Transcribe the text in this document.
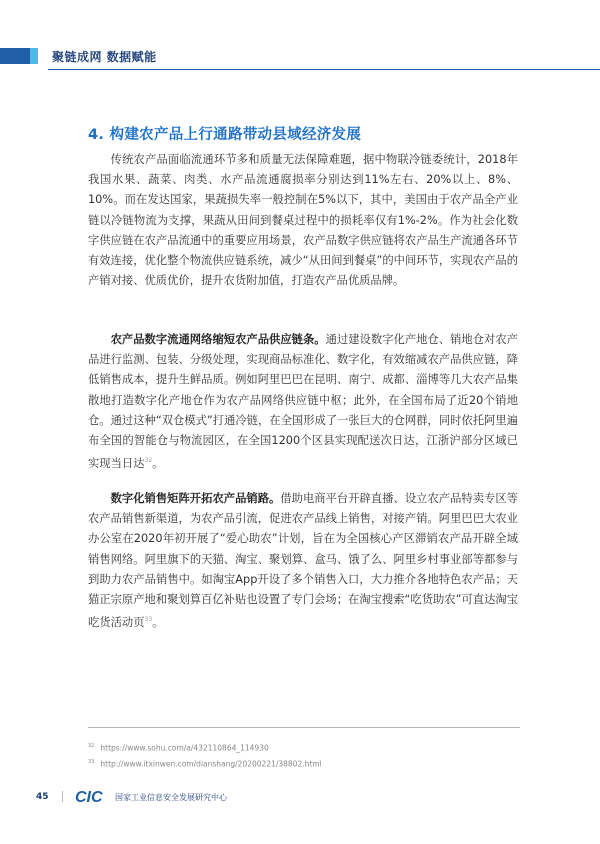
聚链成网 数据赋能
4. 构建农产品上行通路带动县域经济发展

传统农产品面临流通环节多和质量无法保障难题，据中物联冷链委统计，2018年我国水果、蔬菜、肉类、水产品流通腐损率分别达到11%左右、20%以上、8%、10%。而在发达国家，果蔬损失率一般控制在5%以下，其中，美国由于农产品全产业链以冷链物流为支撑，果蔬从田间到餐桌过程中的损耗率仅有1%-2%。作为社会化数字供应链在农产品流通中的重要应用场景，农产品数字供应链将农产品生产流通各环节有效连接，优化整个物流供应链系统，减少“从田间到餐桌”的中间环节，实现农产品的产销对接、优质优价，提升农货附加值，打造农产品优质品牌。

农产品数字流通网络缩短农产品供应链条。通过建设数字化产地仓、销地仓对农产品进行监测、包装、分级处理，实现商品标准化、数字化，有效缩减农产品供应链，降低销售成本，提升生鲜品质。例如阿里巴巴在昆明、南宁、成都、淄博等几大农产品集散地打造数字化产地仓作为农产品网络供应链中枢；此外，在全国布局了近20个销地仓。通过这种“双仓模式”打通冷链，在全国形成了一张巨大的仓网群，同时依托阿里遍布全国的智能仓与物流园区，在全国1200个区县实现配送次日达，江浙沪部分区域已实现当日达$^{32}$。

数字化销售矩阵开拓农产品销路。借助电商平台开辟直播、设立农产品特卖专区等农产品销售新渠道，为农产品引流，促进农产品线上销售，对接产销。阿里巴巴大农业办公室在2020年初开展了“爱心助农”计划，旨在为全国核心产区滞销农产品开辟全域销售网络。阿里旗下的天猫、淘宝、聚划算、盒马、饿了么、阿里乡村事业部等都参与到助力农产品销售中。如淘宝App开设了多个销售入口，大力推介各地特色农产品；天猫正宗原产地和聚划算百亿补贴也设置了专门会场；在淘宝搜索“吃货助农”可直达淘宝吃货活动页$^{33}$。

$^{32}$ https://www.sohu.com/a/432110864_114930
$^{33}$ http://www.itxinwen.com/dianshang/20200221/38802.html
45 CIC 国家工业信息安全发展研究中心
